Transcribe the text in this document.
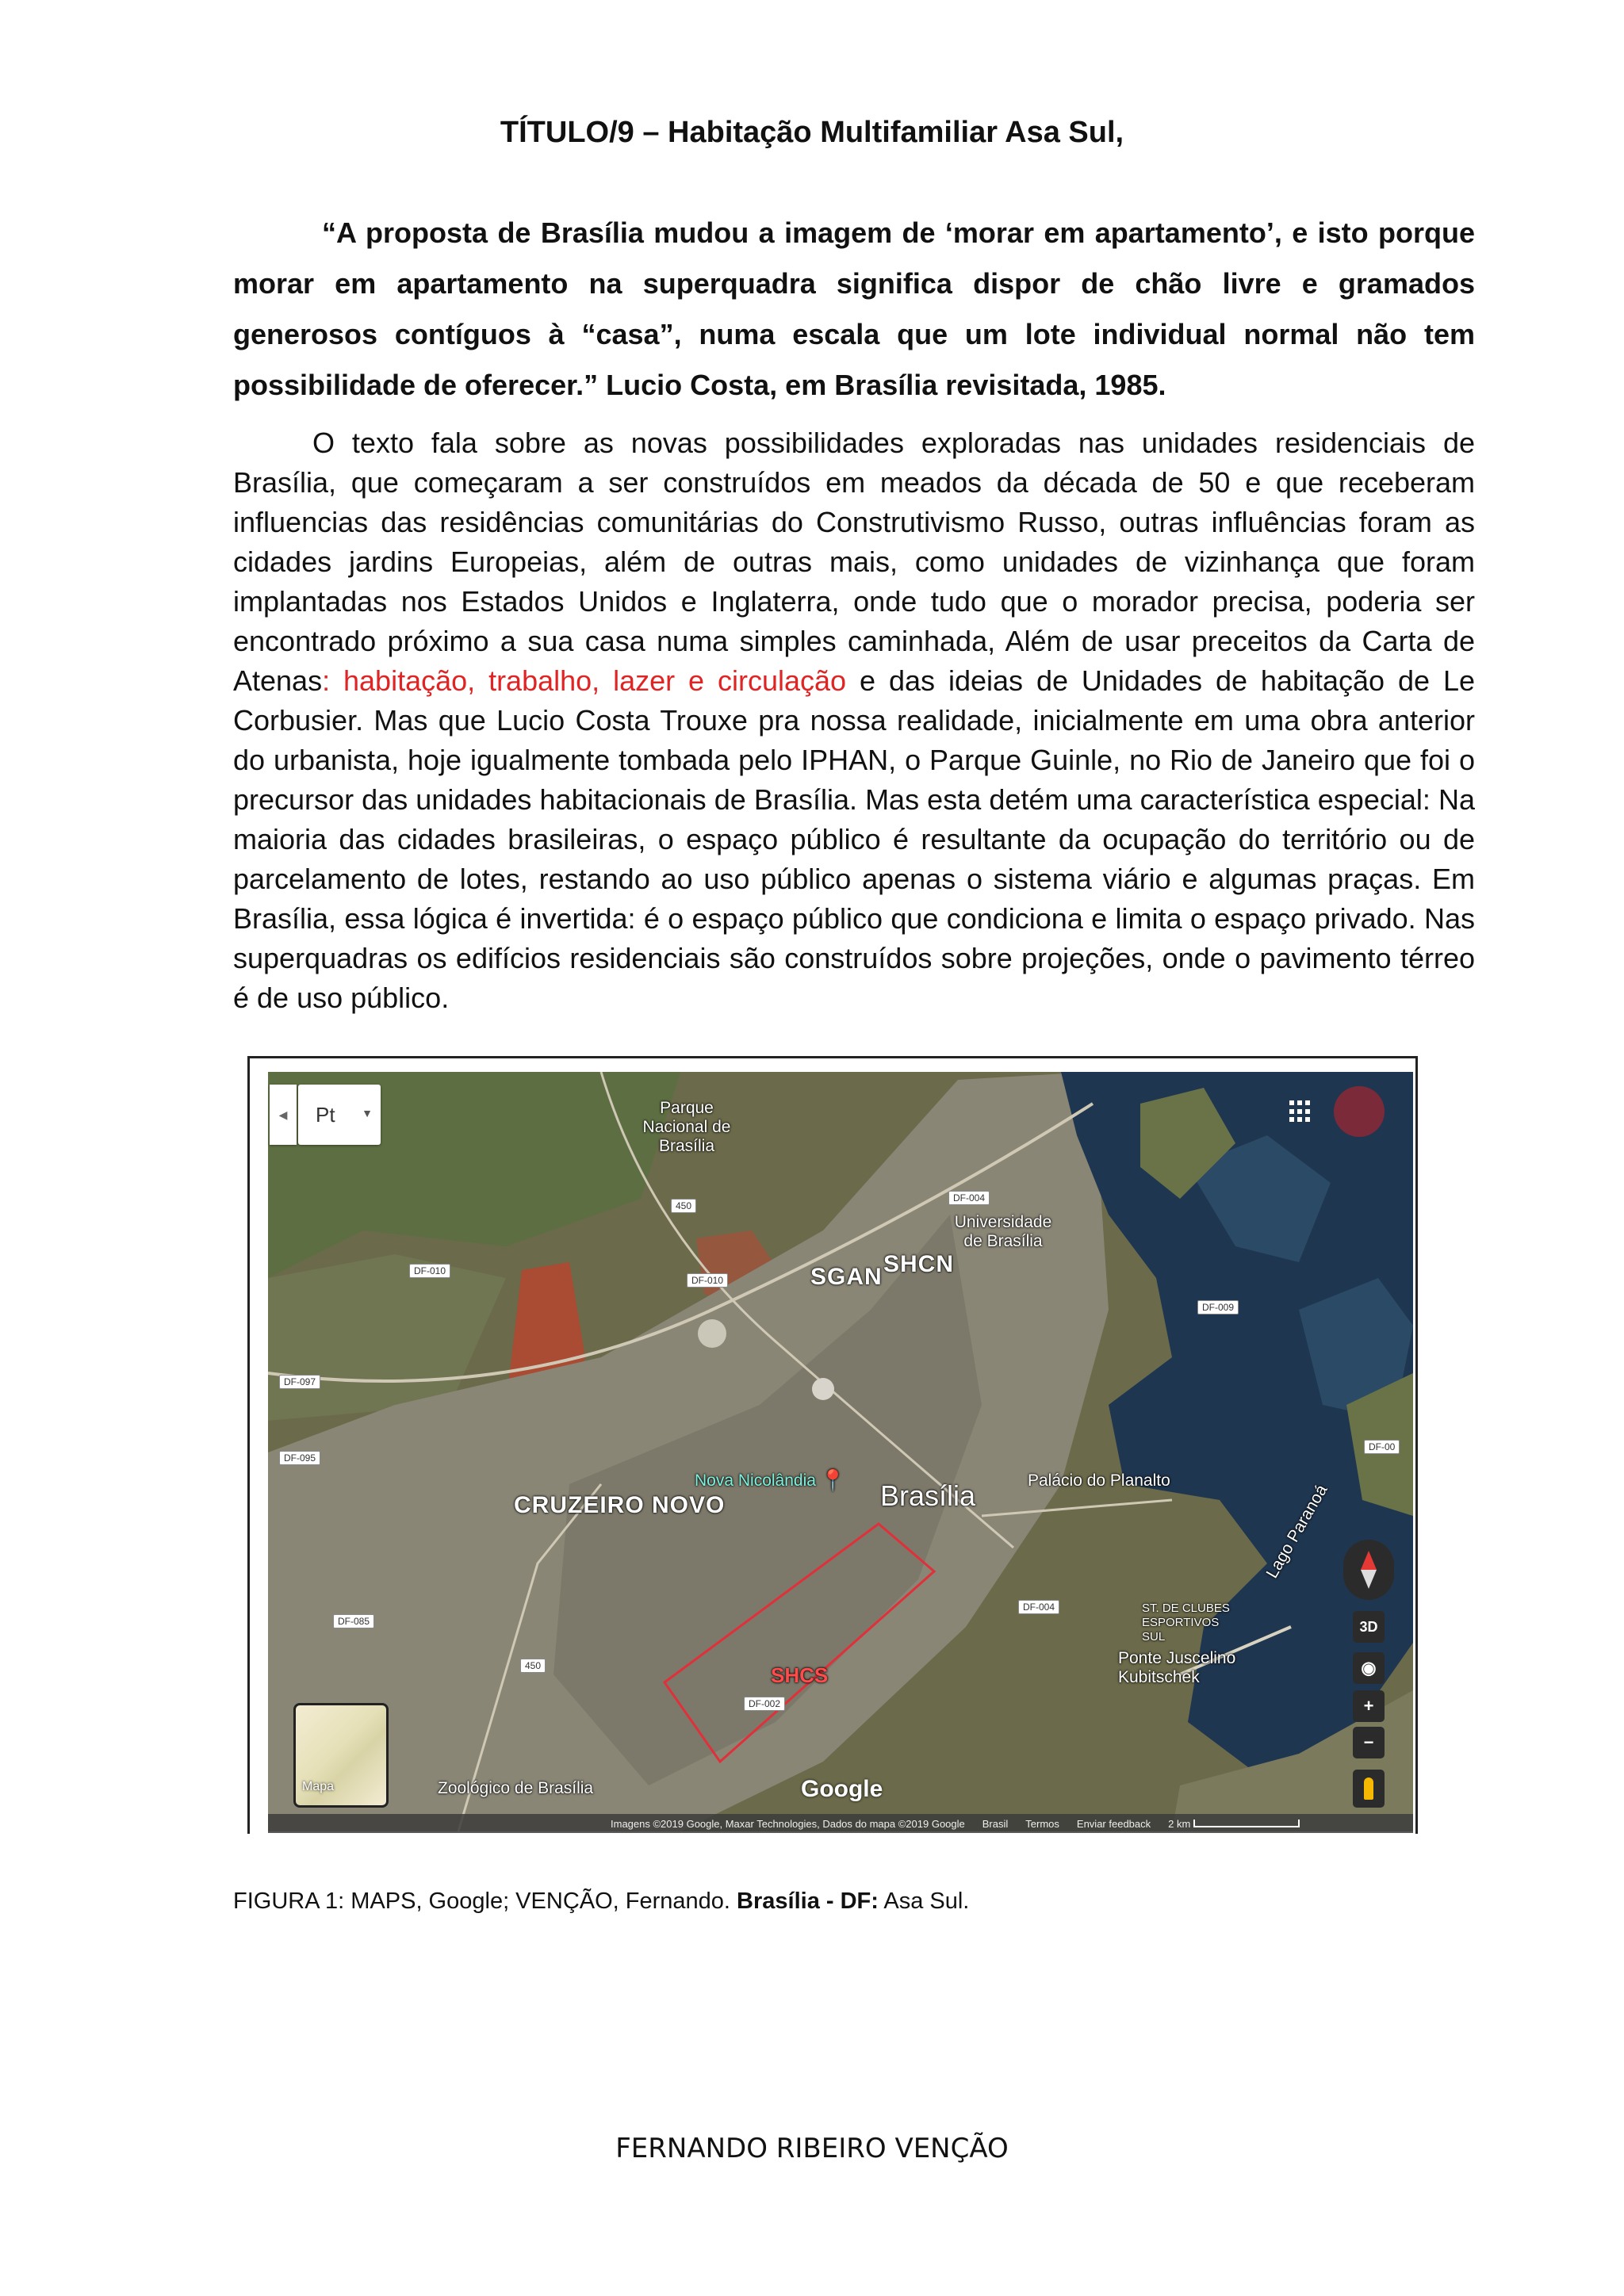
TÍTULO/9 – Habitação Multifamiliar Asa Sul,

“A proposta de Brasília mudou a imagem de ‘morar em apartamento’, e isto porque morar em apartamento na superquadra significa dispor de chão livre e gramados generosos contíguos à “casa”, numa escala que um lote individual normal não tem possibilidade de oferecer.” Lucio Costa, em Brasília revisitada, 1985.

O texto fala sobre as novas possibilidades exploradas nas unidades residenciais de Brasília, que começaram a ser construídos em meados da década de 50 e que receberam influencias das residências comunitárias do Construtivismo Russo, outras influências foram as cidades jardins Europeias, além de outras mais, como unidades de vizinhança que foram implantadas nos Estados Unidos e Inglaterra, onde tudo que o morador precisa, poderia ser encontrado próximo a sua casa numa simples caminhada, Além de usar preceitos da Carta de Atenas: habitação, trabalho, lazer e circulação e das ideias de Unidades de habitação de Le Corbusier. Mas que Lucio Costa Trouxe pra nossa realidade, inicialmente em uma obra anterior do urbanista, hoje igualmente tombada pelo IPHAN, o Parque Guinle, no Rio de Janeiro que foi o precursor das unidades habitacionais de Brasília. Mas esta detém uma característica especial: Na maioria das cidades brasileiras, o espaço público é resultante da ocupação do território ou de parcelamento de lotes, restando ao uso público apenas o sistema viário e algumas praças. Em Brasília, essa lógica é invertida: é o espaço público que condiciona e limita o espaço privado. Nas superquadras os edifícios residenciais são construídos sobre projeções, onde o pavimento térreo é de uso público.

◀ Pt ▼	Parque Nacional de Brasília
Universidade de Brasília
SGAN SHCN
CRUZEIRO NOVO
Nova Nicolândia 📍 Brasília	Palácio do Planalto
Lago Paranoá
ST. DE CLUBES ESPORTIVOS SUL
Ponte Juscelino Kubitschek
SHCS
Zoológico de Brasília
450
450
DF-004
DF-004
DF-010
DF-010
DF-009
DF-097
DF-095
DF-085
DF-002
DF-00
3D
◉
+
−
Mapa	Google
Imagens ©2019 Google, Maxar Technologies, Dados do mapa ©2019 Google Brasil Termos Enviar feedback 2 km
FIGURA 1: MAPS, Google; VENÇÃO, Fernando. Brasília - DF: Asa Sul.
FERNANDO RIBEIRO VENÇÃO
